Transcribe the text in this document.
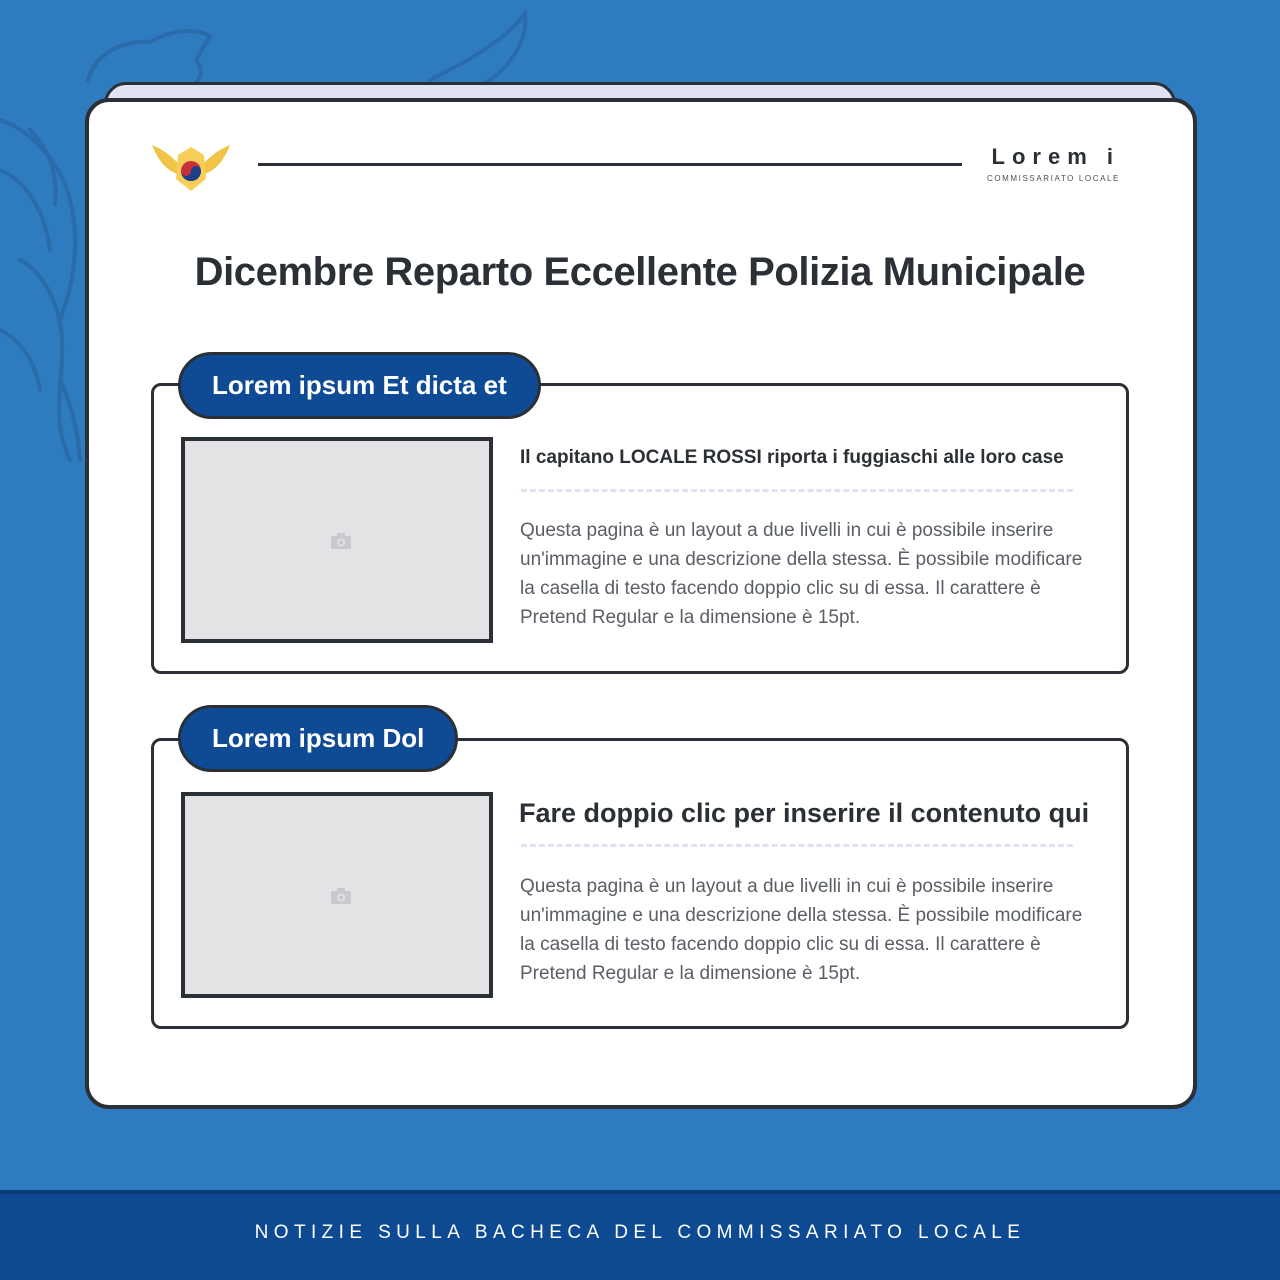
Lorem i
COMMISSARIATO LOCALE
Dicembre Reparto Eccellente Polizia Municipale
Lorem ipsum Et dicta et
Il capitano LOCALE ROSSI riporta i fuggiaschi alle loro case
Questa pagina è un layout a due livelli in cui è possibile inserire un'immagine e una descrizione della stessa. È possibile modificare la casella di testo facendo doppio clic su di essa. Il carattere è Pretend Regular e la dimensione è 15pt.
Lorem ipsum Dol
Fare doppio clic per inserire il contenuto qui
Questa pagina è un layout a due livelli in cui è possibile inserire un'immagine e una descrizione della stessa. È possibile modificare la casella di testo facendo doppio clic su di essa. Il carattere è Pretend Regular e la dimensione è 15pt.
NOTIZIE SULLA BACHECA DEL COMMISSARIATO LOCALE
